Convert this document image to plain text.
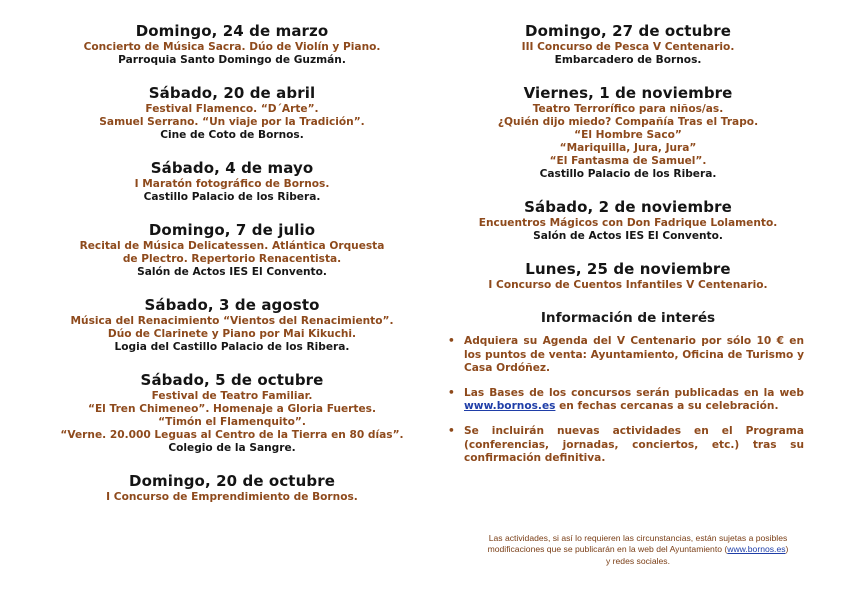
Domingo, 24 de marzo
Concierto de Música Sacra. Dúo de Violín y Piano.
Parroquia Santo Domingo de Guzmán.
Sábado, 20 de abril
Festival Flamenco. “D´Arte”.
Samuel Serrano. “Un viaje por la Tradición”.
Cine de Coto de Bornos.
Sábado, 4 de mayo
I Maratón fotográfico de Bornos.
Castillo Palacio de los Ribera.
Domingo, 7 de julio
Recital de Música Delicatessen. Atlántica Orquesta
de Plectro. Repertorio Renacentista.
Salón de Actos IES El Convento.
Sábado, 3 de agosto
Música del Renacimiento “Vientos del Renacimiento”.
Dúo de Clarinete y Piano por Mai Kikuchi.
Logia del Castillo Palacio de los Ribera.
Sábado, 5 de octubre
Festival de Teatro Familiar.
“El Tren Chimeneo”. Homenaje a Gloria Fuertes.
“Timón el Flamenquito”.
“Verne. 20.000 Leguas al Centro de la Tierra en 80 días”.
Colegio de la Sangre.
Domingo, 20 de octubre
I Concurso de Emprendimiento de Bornos.
Domingo, 27 de octubre
III Concurso de Pesca V Centenario.
Embarcadero de Bornos.
Viernes, 1 de noviembre
Teatro Terrorífico para niños/as.
¿Quién dijo miedo? Compañía Tras el Trapo.
“El Hombre Saco”
“Mariquilla, Jura, Jura”
“El Fantasma de Samuel”.
Castillo Palacio de los Ribera.
Sábado, 2 de noviembre
Encuentros Mágicos con Don Fadrique Lolamento.
Salón de Actos IES El Convento.
Lunes, 25 de noviembre
I Concurso de Cuentos Infantiles V Centenario.
Información de interés
• Adquiera su Agenda del V Centenario por sólo 10 € en los puntos de venta: Ayuntamiento, Oficina de Turismo y Casa Ordóñez.
• Las Bases de los concursos serán publicadas en la web www.bornos.es en fechas cercanas a su celebración.
• Se incluirán nuevas actividades en el Programa (conferencias, jornadas, conciertos, etc.) tras su confirmación definitiva.
Las actividades, si así lo requieren las circunstancias, están sujetas a posibles
modificaciones que se publicarán en la web del Ayuntamiento (www.bornos.es)
y redes sociales.
